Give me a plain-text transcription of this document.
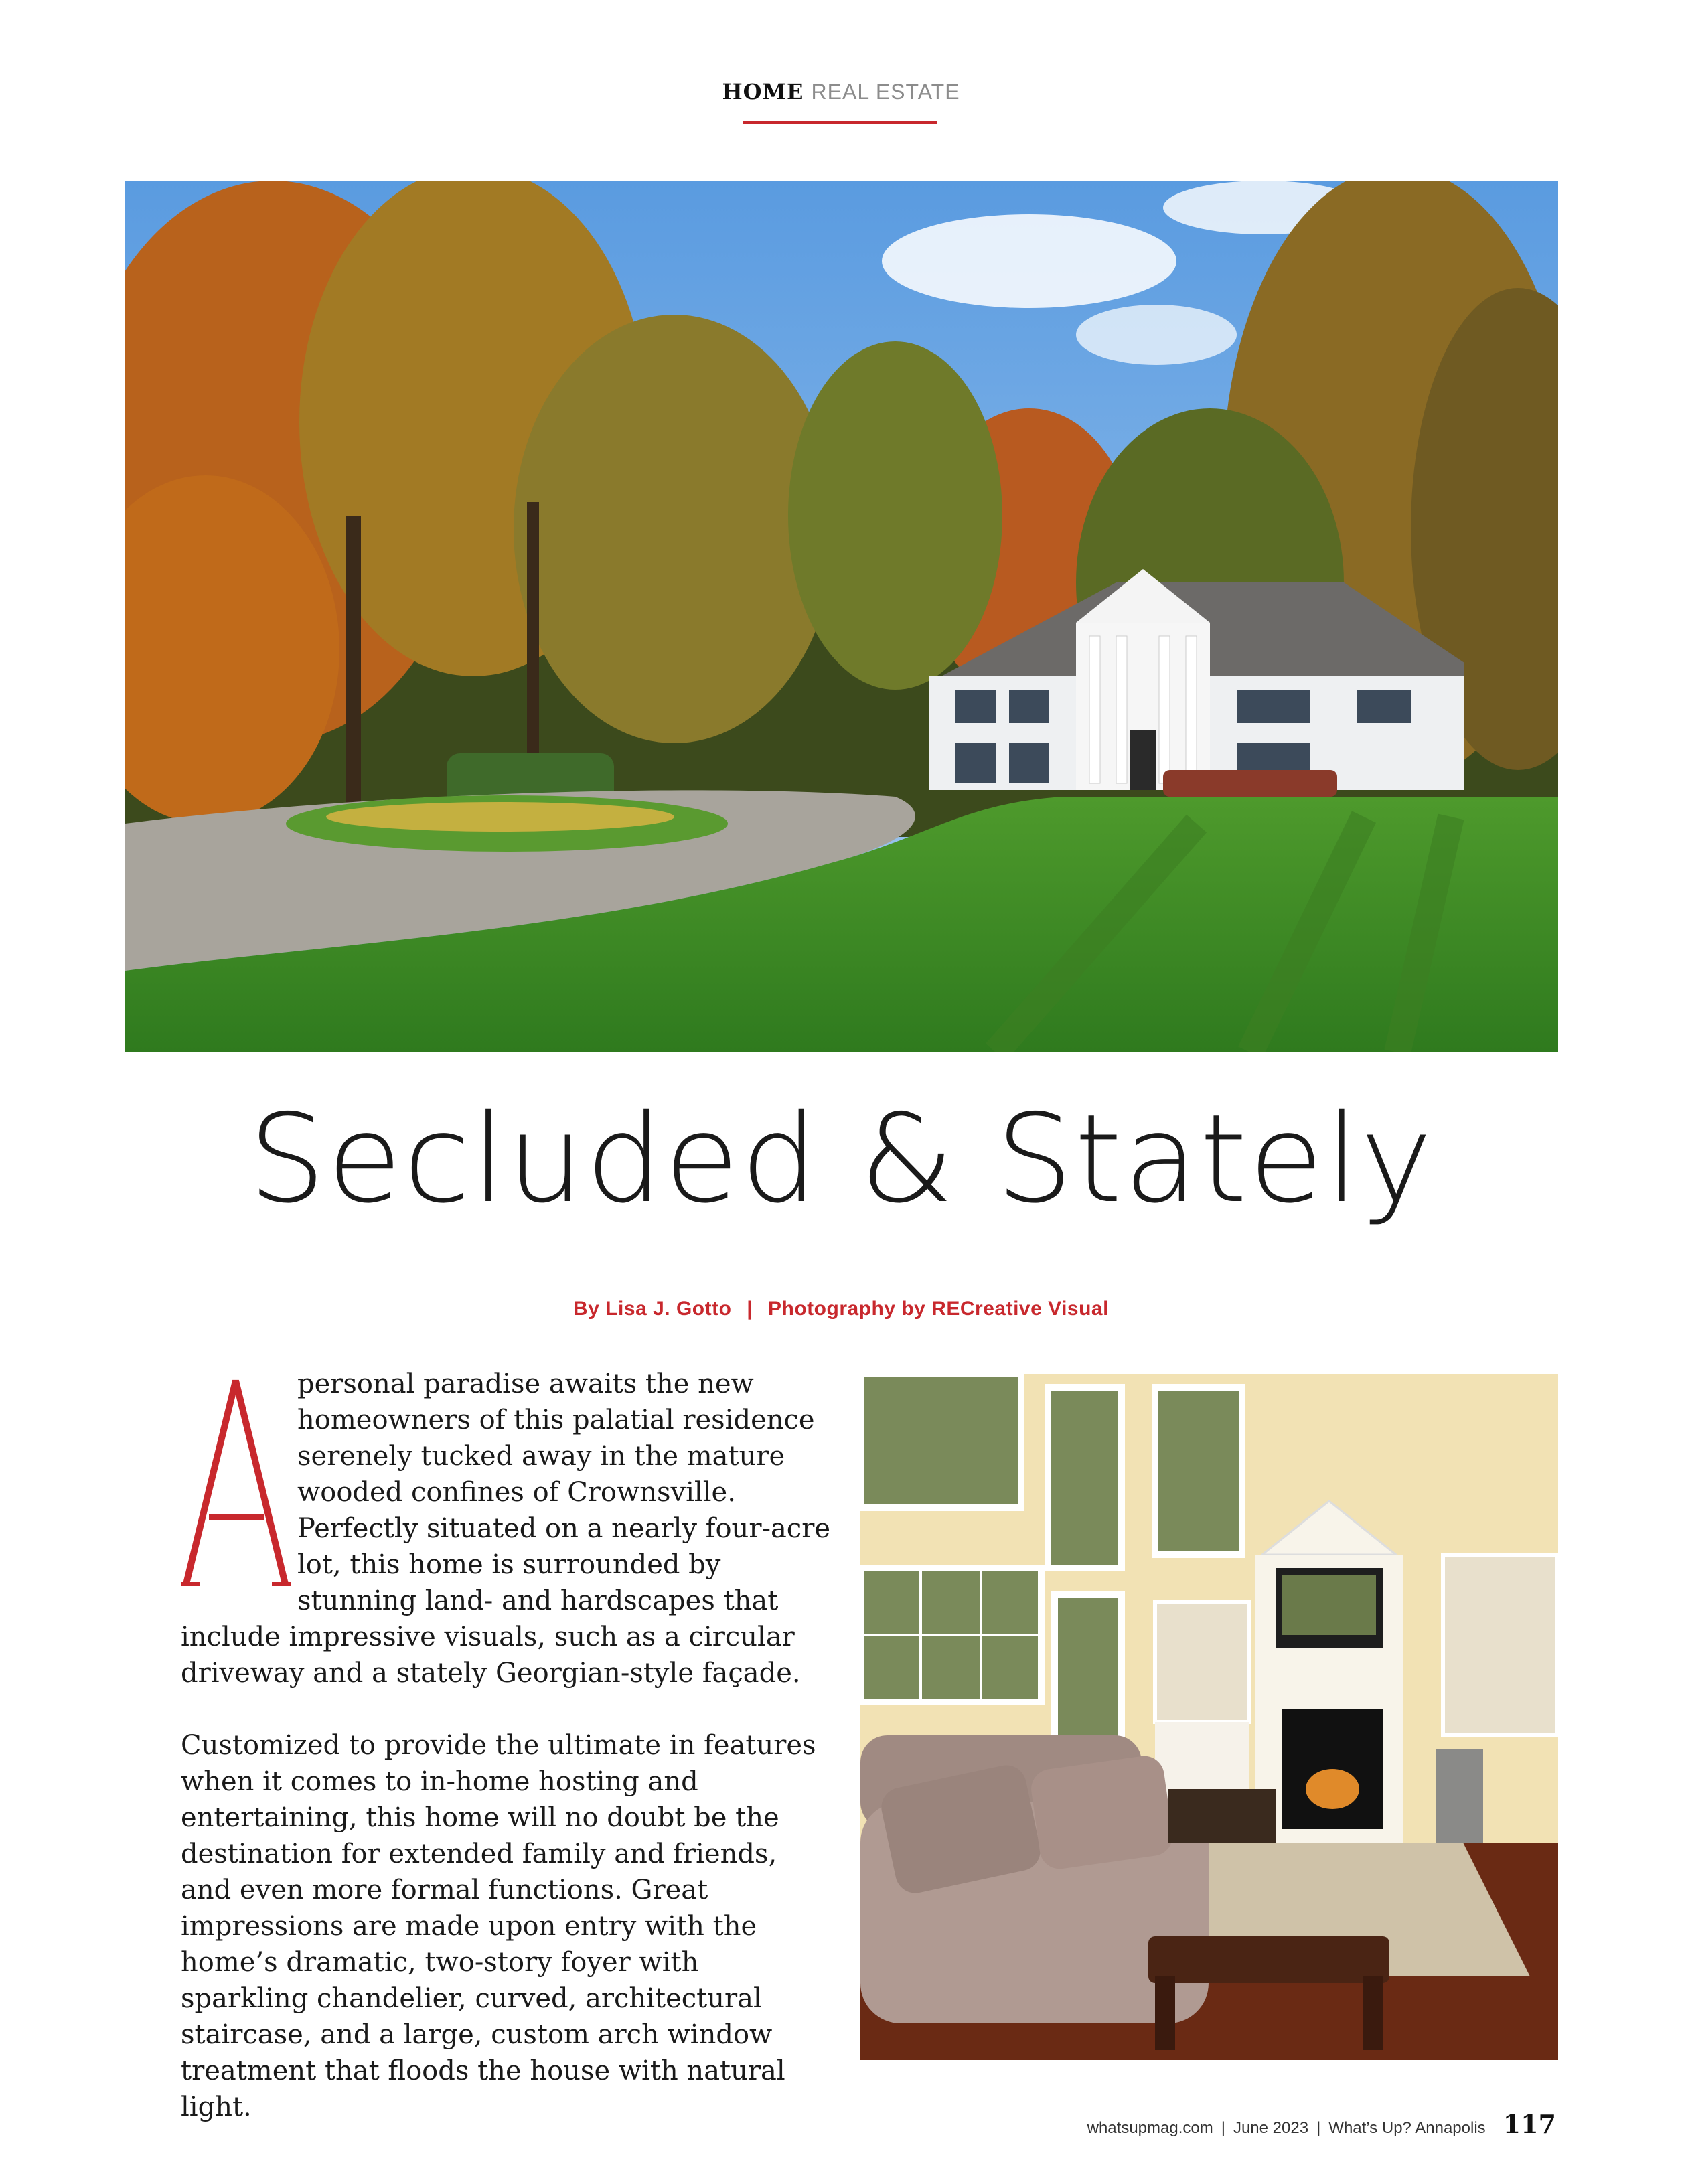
HOME REAL ESTATE
Secluded & Stately
By Lisa J. Gotto | Photography by RECreative Visual

personal paradise awaits the new homeowners of this palatial residence serenely tucked away in the mature wooded confines of Crownsville. Perfectly situated on a nearly four-acre lot, this home is surrounded by stunning land- and hardscapes that include impressive visuals, such as a circular driveway and a stately Georgian-style façade.

Customized to provide the ultimate in features when it comes to in-home hosting and entertaining, this home will no doubt be the destination for extended family and friends, and even more formal functions. Great impressions are made upon entry with the home’s dramatic, two-story foyer with sparkling chandelier, curved, architectural staircase, and a large, custom arch window treatment that floods the house with natural light.

whatsupmag.com | June 2023 | What’s Up? Annapolis 117
